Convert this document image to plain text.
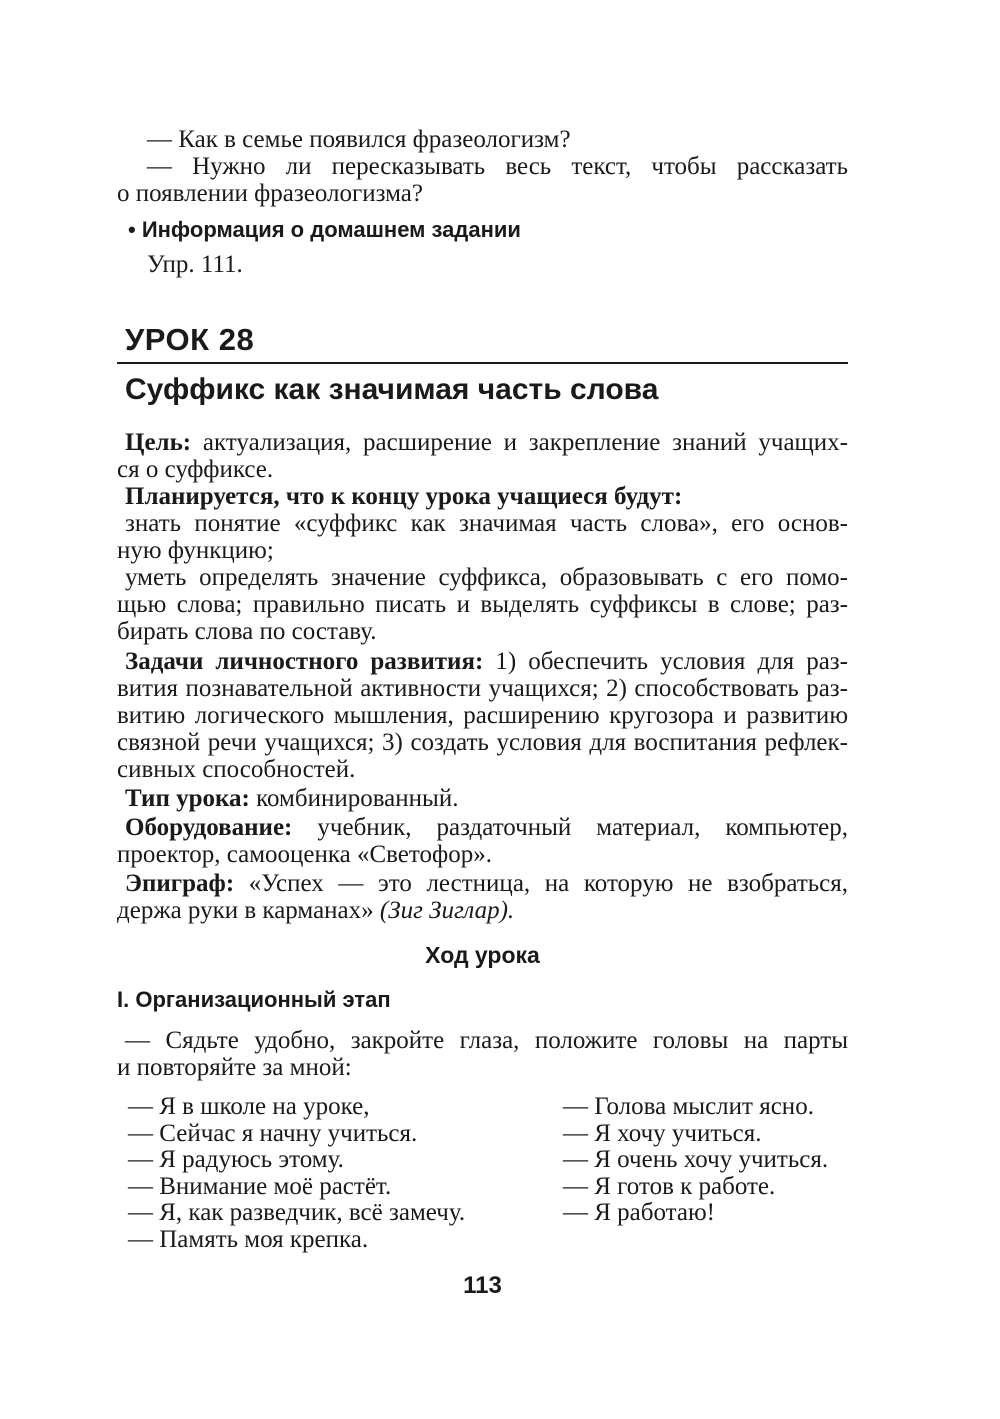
— Как в семье появился фразеологизм?
— Нужно ли пересказывать весь текст, чтобы рассказать
о появлении фразеологизма?
• Информация о домашнем задании
Упр. 111.
УРОК 28
Суффикс как значимая часть слова
Цель: актуализация, расширение и закрепление знаний учащих-
ся о суффиксе.
Планируется, что к концу урока учащиеся будут:
знать понятие «суффикс как значимая часть слова», его основ-
ную функцию;
уметь определять значение суффикса, образовывать с его помо-
щью слова; правильно писать и выделять суффиксы в слове; раз-
бирать слова по составу.
Задачи личностного развития: 1) обеспечить условия для раз-
вития познавательной активности учащихся; 2) способствовать раз-
витию логического мышления, расширению кругозора и развитию
связной речи учащихся; 3) создать условия для воспитания рефлек-
сивных способностей.
Тип урока: комбинированный.
Оборудование: учебник, раздаточный материал, компьютер,
проектор, самооценка «Светофор».
Эпиграф: «Успех — это лестница, на которую не взобраться,
держа руки в карманах» (Зиг Зиглар).
Ход урока
I. Организационный этап
— Сядьте удобно, закройте глаза, положите головы на парты
и повторяйте за мной:
— Я в школе на уроке,
— Сейчас я начну учиться.
— Я радуюсь этому.
— Внимание моё растёт.
— Я, как разведчик, всё замечу.
— Память моя крепка.
— Голова мыслит ясно.
— Я хочу учиться.
— Я очень хочу учиться.
— Я готов к работе.
— Я работаю!
113
